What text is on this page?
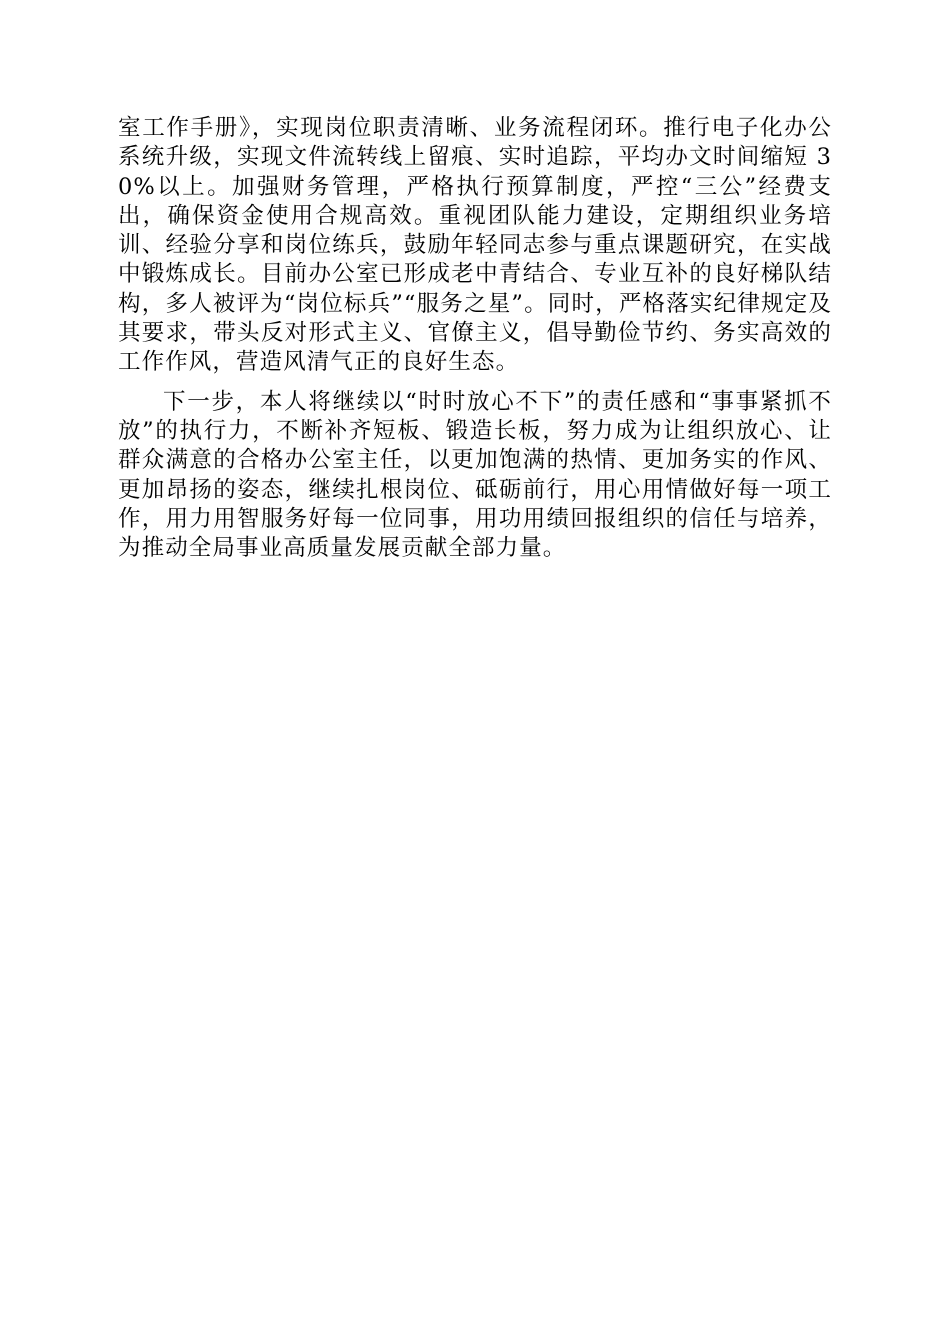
室工作手册》，实现岗位职责清晰、业务流程闭环。推行电子化办公系统升级，实现文件流转线上留痕、实时追踪，平均办文时间缩短 30%以上。加强财务管理，严格执行预算制度，严控“三公”经费支出，确保资金使用合规高效。重视团队能力建设，定期组织业务培训、经验分享和岗位练兵，鼓励年轻同志参与重点课题研究，在实战中锻炼成长。目前办公室已形成老中青结合、专业互补的良好梯队结构，多人被评为“岗位标兵”“服务之星”。同时，严格落实纪律规定及其要求，带头反对形式主义、官僚主义，倡导勤俭节约、务实高效的工作作风，营造风清气正的良好生态。

下一步，本人将继续以“时时放心不下”的责任感和“事事紧抓不放”的执行力，不断补齐短板、锻造长板，努力成为让组织放心、让群众满意的合格办公室主任，以更加饱满的热情、更加务实的作风、更加昂扬的姿态，继续扎根岗位、砥砺前行，用心用情做好每一项工作，用力用智服务好每一位同事，用功用绩回报组织的信任与培养，为推动全局事业高质量发展贡献全部力量。
